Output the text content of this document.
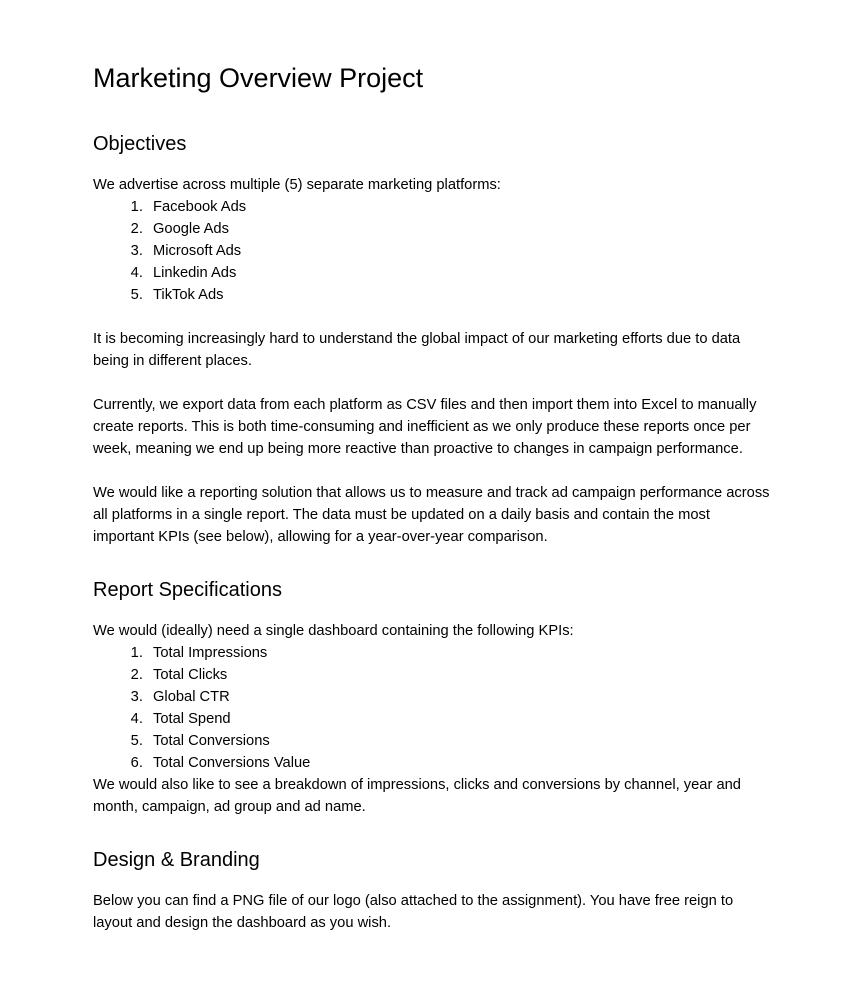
Marketing Overview Project
Objectives

We advertise across multiple (5) separate marketing platforms:

1. Facebook Ads
2. Google Ads
3. Microsoft Ads
4. Linkedin Ads
5. TikTok Ads

It is becoming increasingly hard to understand the global impact of our marketing efforts due to data being in different places.

Currently, we export data from each platform as CSV files and then import them into Excel to manually create reports. This is both time-consuming and inefficient as we only produce these reports once per week, meaning we end up being more reactive than proactive to changes in campaign performance.

We would like a reporting solution that allows us to measure and track ad campaign performance across all platforms in a single report. The data must be updated on a daily basis and contain the most important KPIs (see below), allowing for a year-over-year comparison.

Report Specifications

We would (ideally) need a single dashboard containing the following KPIs:

1. Total Impressions
2. Total Clicks
3. Global CTR
4. Total Spend
5. Total Conversions
6. Total Conversions Value

We would also like to see a breakdown of impressions, clicks and conversions by channel, year and month, campaign, ad group and ad name.

Design & Branding

Below you can find a PNG file of our logo (also attached to the assignment). You have free reign to layout and design the dashboard as you wish.
